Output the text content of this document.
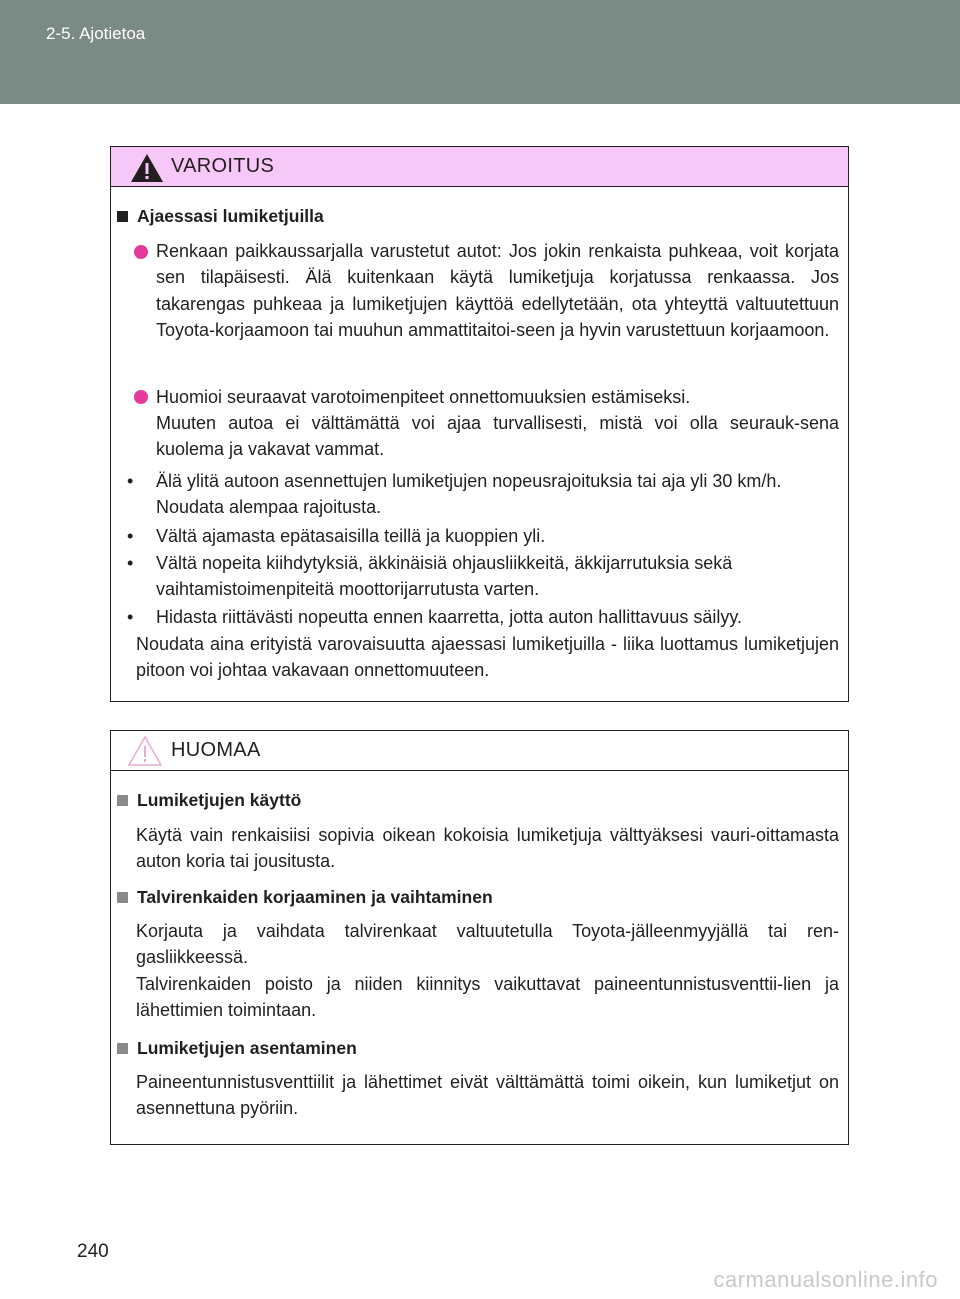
2-5. Ajotietoa
VAROITUS
Ajaessasi lumiketjuilla
Renkaan paikkaussarjalla varustetut autot: Jos jokin renkaista puhkeaa, voit korjata sen tilapäisesti. Älä kuitenkaan käytä lumiketjuja korjatussa renkaassa. Jos takarengas puhkeaa ja lumiketjujen käyttöä edellytetään, ota yhteyttä valtuutettuun Toyota-korjaamoon tai muuhun ammattitaitoi-seen ja hyvin varustettuun korjaamoon.
Huomioi seuraavat varotoimenpiteet onnettomuuksien estämiseksi.
Muuten autoa ei välttämättä voi ajaa turvallisesti, mistä voi olla seurauk-sena kuolema ja vakavat vammat.
• Älä ylitä autoon asennettujen lumiketjujen nopeusrajoituksia tai aja yli 30 km/h. Noudata alempaa rajoitusta.
• Vältä ajamasta epätasaisilla teillä ja kuoppien yli.
• Vältä nopeita kiihdytyksiä, äkkinäisiä ohjausliikkeitä, äkkijarrutuksia sekä vaihtamistoimenpiteitä moottorijarrutusta varten.
• Hidasta riittävästi nopeutta ennen kaarretta, jotta auton hallittavuus säilyy.
Noudata aina erityistä varovaisuutta ajaessasi lumiketjuilla - liika luottamus lumiketjujen pitoon voi johtaa vakavaan onnettomuuteen.
HUOMAA
Lumiketjujen käyttö
Käytä vain renkaisiisi sopivia oikean kokoisia lumiketjuja välttyäksesi vauri-oittamasta auton koria tai jousitusta.
Talvirenkaiden korjaaminen ja vaihtaminen
Korjauta ja vaihdata talvirenkaat valtuutetulla Toyota-jälleenmyyjällä tai ren-gasliikkeessä.
Talvirenkaiden poisto ja niiden kiinnitys vaikuttavat paineentunnistusventtii-lien ja lähettimien toimintaan.
Lumiketjujen asentaminen
Paineentunnistusventtiilit ja lähettimet eivät välttämättä toimi oikein, kun lumiketjut on asennettuna pyöriin.
240
carmanualsonline.info
